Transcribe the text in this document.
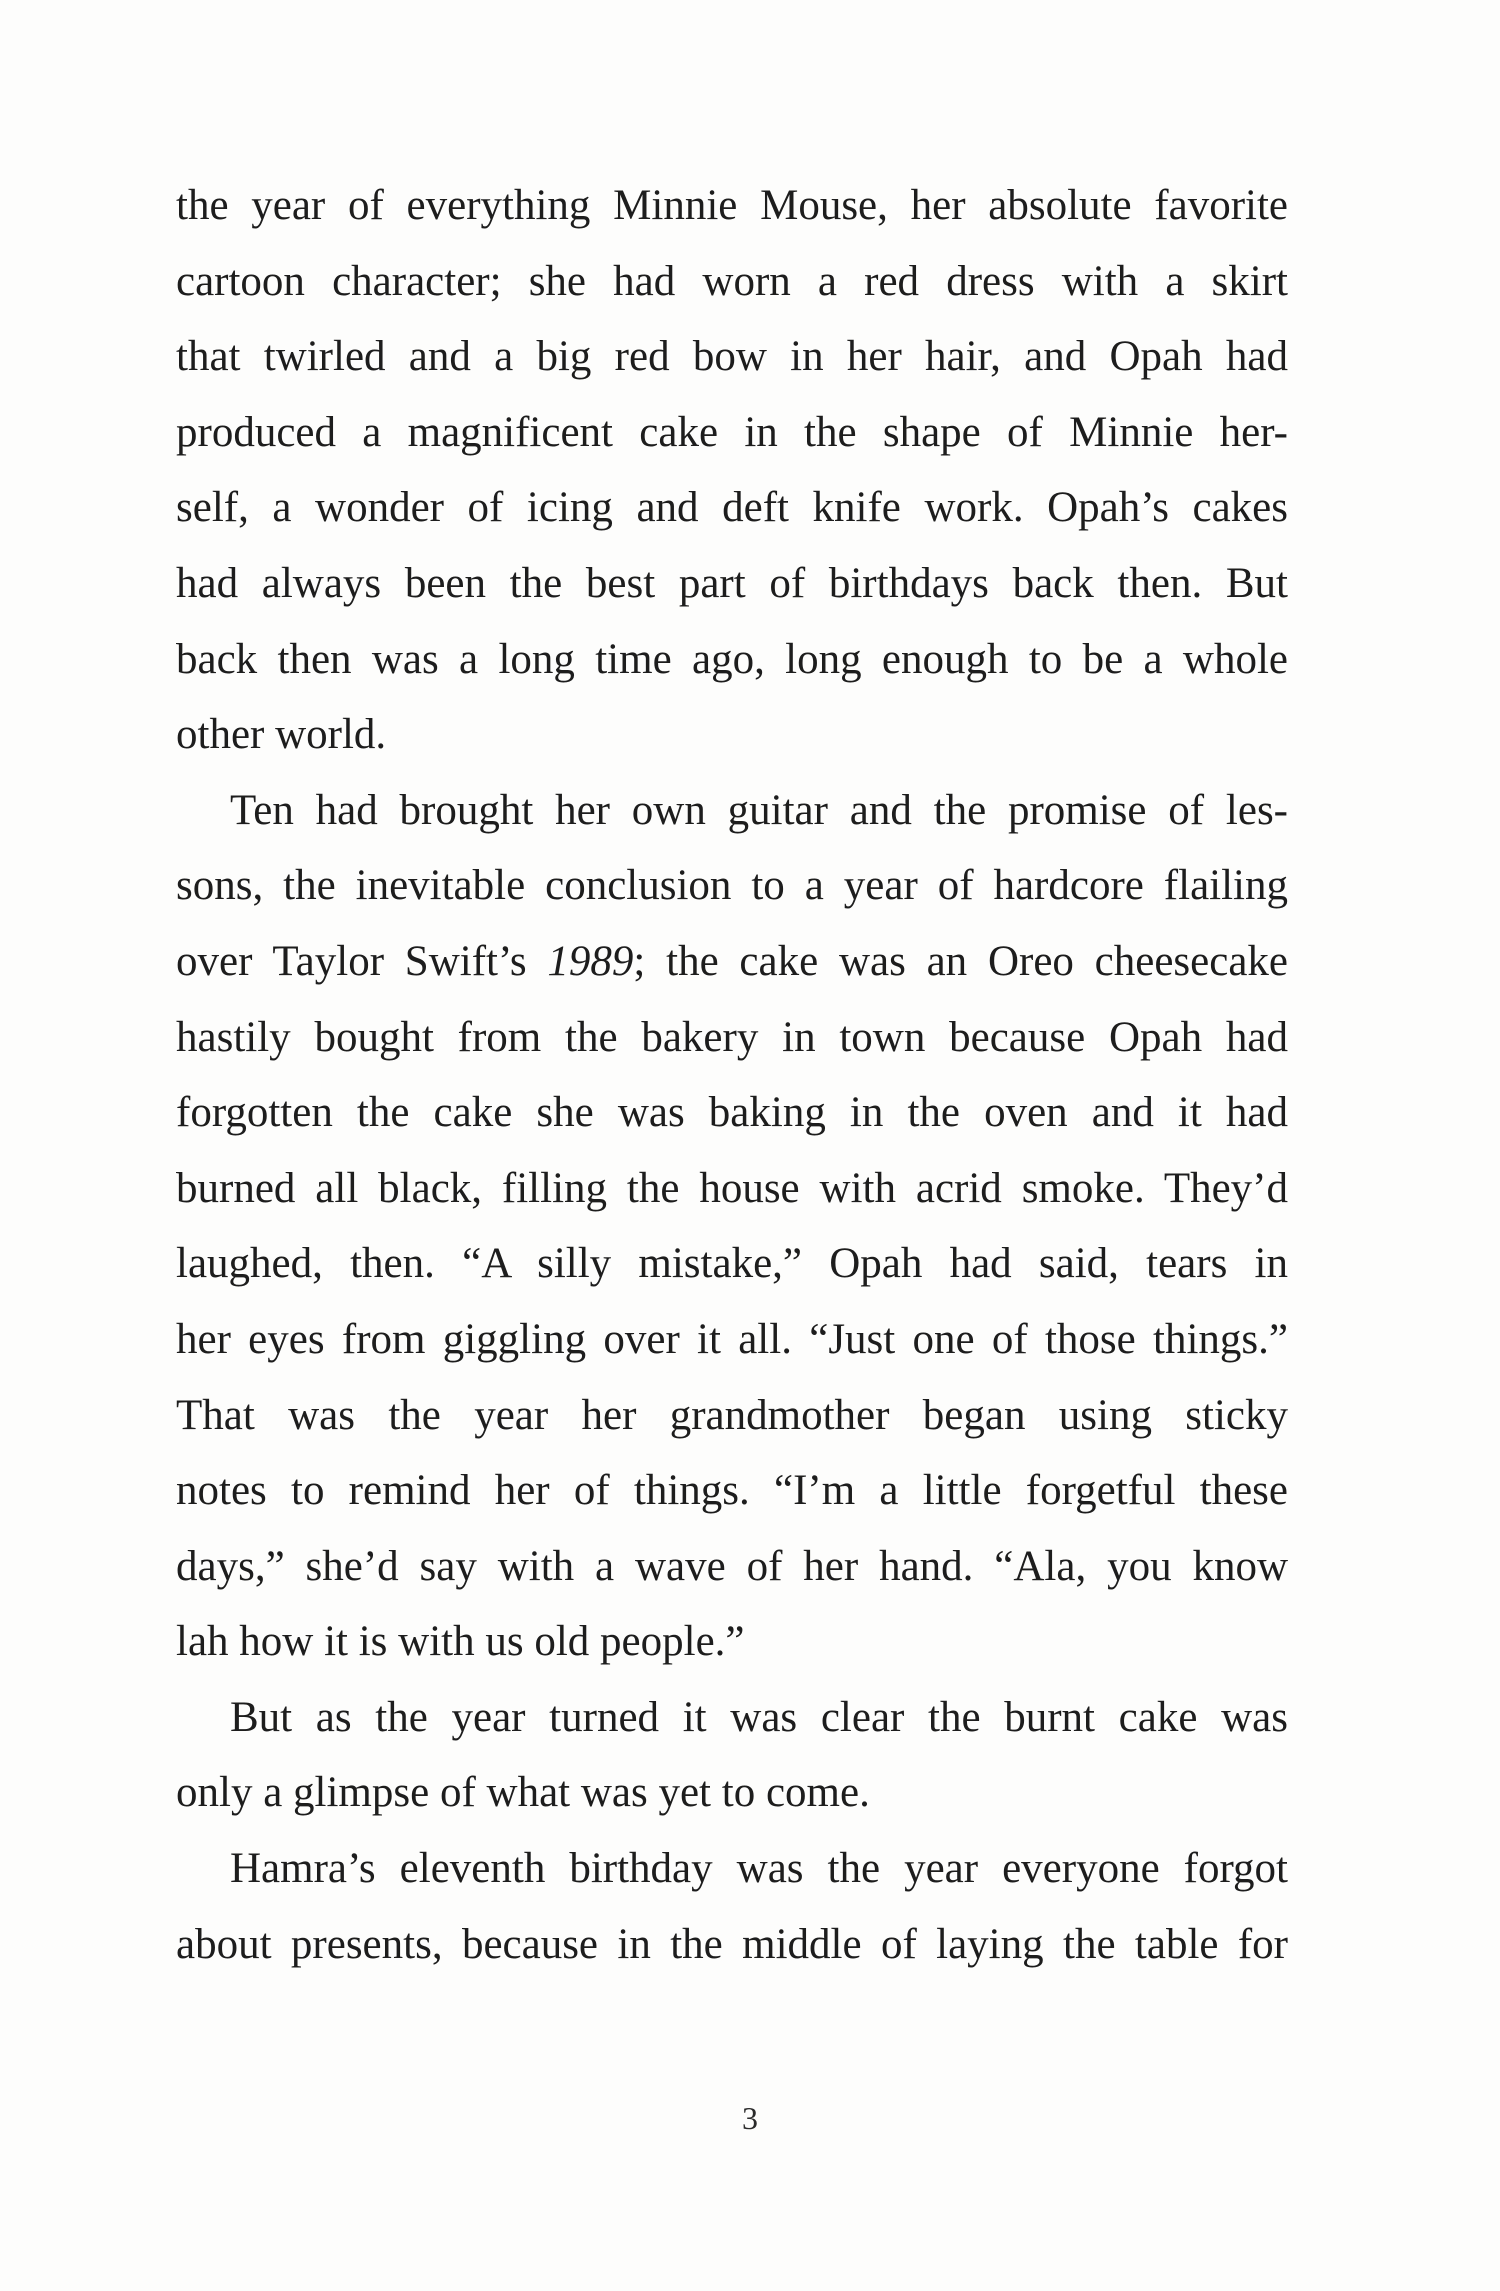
the year of everything Minnie Mouse, her absolute favorite
cartoon character; she had worn a red dress with a skirt
that twirled and a big red bow in her hair, and Opah had
produced a magnificent cake in the shape of Minnie her-
self, a wonder of icing and deft knife work. Opah’s cakes
had always been the best part of birthdays back then. But
back then was a long time ago, long enough to be a whole
other world.
Ten had brought her own guitar and the promise of les-
sons, the inevitable conclusion to a year of hardcore flailing
over Taylor Swift’s 1989; the cake was an Oreo cheesecake
hastily bought from the bakery in town because Opah had
forgotten the cake she was baking in the oven and it had
burned all black, filling the house with acrid smoke. They’d
laughed, then. “A silly mistake,” Opah had said, tears in
her eyes from giggling over it all. “Just one of those things.”
That was the year her grandmother began using sticky
notes to remind her of things. “I’m a little forgetful these
days,” she’d say with a wave of her hand. “Ala, you know
lah how it is with us old people.”
But as the year turned it was clear the burnt cake was
only a glimpse of what was yet to come.
Hamra’s eleventh birthday was the year everyone forgot
about presents, because in the middle of laying the table for
3
